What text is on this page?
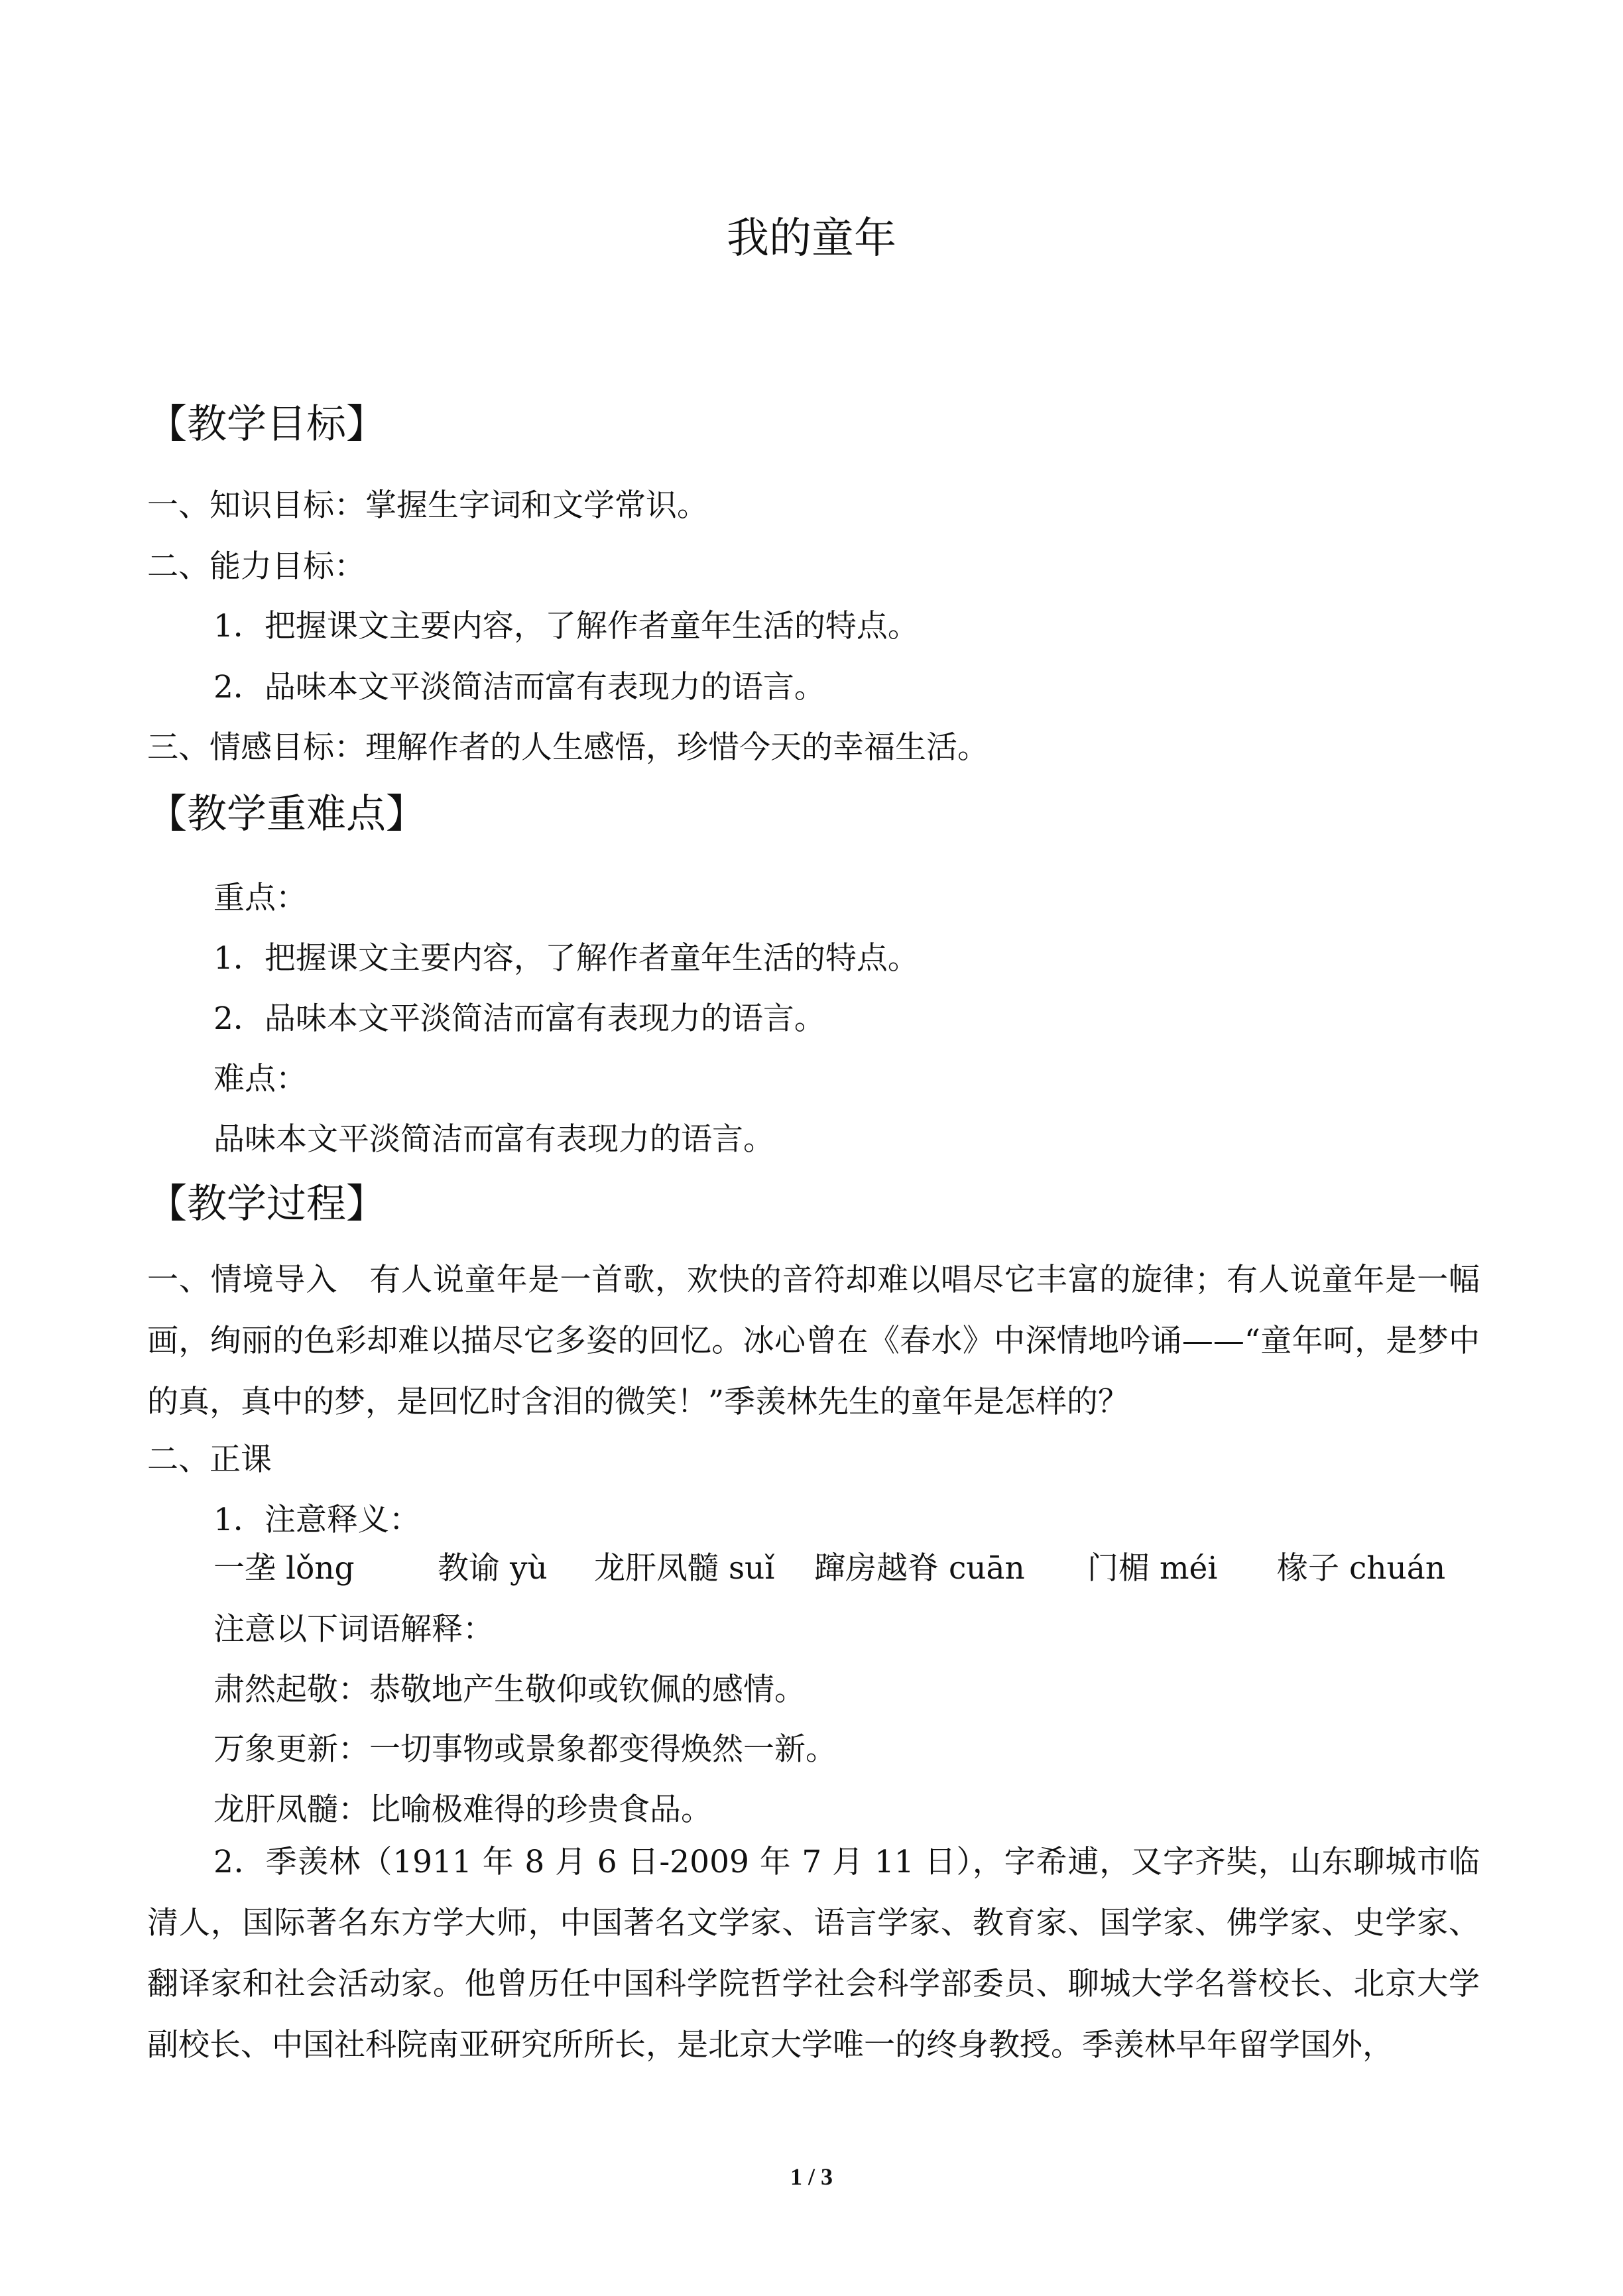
我的童年
【教学目标】
一、知识目标：掌握生字词和文学常识。
二、能力目标：
1．把握课文主要内容，了解作者童年生活的特点。
2．品味本文平淡简洁而富有表现力的语言。
三、情感目标：理解作者的人生感悟，珍惜今天的幸福生活。
【教学重难点】
重点：
1．把握课文主要内容，了解作者童年生活的特点。
2．品味本文平淡简洁而富有表现力的语言。
难点：
品味本文平淡简洁而富有表现力的语言。
【教学过程】

一、情境导入　有人说童年是一首歌，欢快的音符却难以唱尽它丰富的旋律；有人说童年是一幅画，绚丽的色彩却难以描尽它多姿的回忆。冰心曾在《春水》中深情地吟诵——“童年呵，是梦中的真，真中的梦，是回忆时含泪的微笑！”季羡林先生的童年是怎样的？

二、正课
1．注意释义：
一垄 lǒng	教谕 yù 龙肝凤髓 suǐ 蹿房越脊 cuān 门楣 méi 椽子 chuán
注意以下词语解释：
肃然起敬：恭敬地产生敬仰或钦佩的感情。
万象更新：一切事物或景象都变得焕然一新。
龙肝凤髓：比喻极难得的珍贵食品。

2．季羡林（1911 年 8 月 6 日-2009 年 7 月 11 日），字希逋，又字齐奘，山东聊城市临清人，国际著名东方学大师，中国著名文学家、语言学家、教育家、国学家、佛学家、史学家、翻译家和社会活动家。他曾历任中国科学院哲学社会科学部委员、聊城大学名誉校长、北京大学副校长、中国社科院南亚研究所所长，是北京大学唯一的终身教授。季羡林早年留学国外，

1 / 3
